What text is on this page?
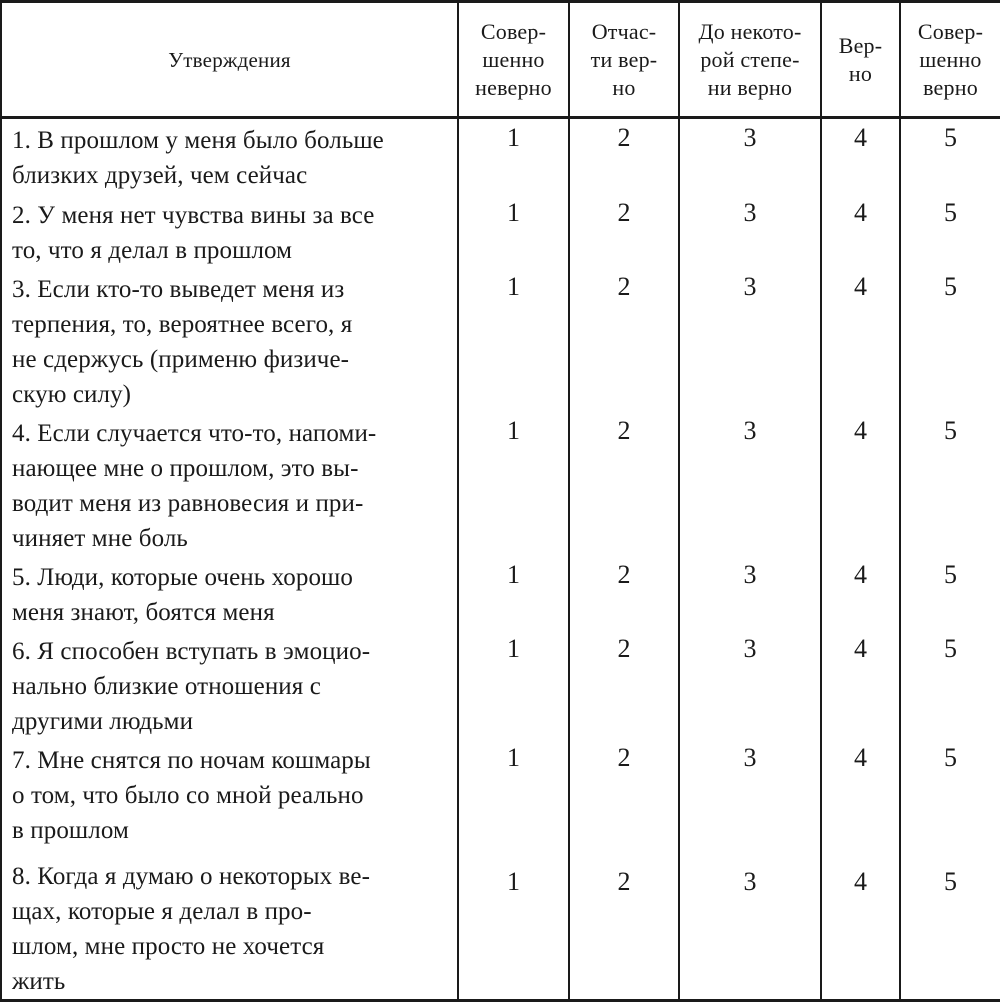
Утверждения	Совер-
шенно
неверно	Отчас-
ти вер-
но	До некото-
рой степе-
ни верно	Вер-
но	Совер-
шенно
верно

1. В прошлом у меня было больше
близких друзей, чем сейчас	1	2	3	4	5

2. У меня нет чувства вины за все
то, что я делал в прошлом	1	2	3	4	5

3. Если кто-то выведет меня из
терпения, то, вероятнее всего, я
не сдержусь (применю физиче-
скую силу)	1	2	3	4	5

4. Если случается что-то, напоми-
нающее мне о прошлом, это вы-
водит меня из равновесия и при-
чиняет мне боль	1	2	3	4	5

5. Люди, которые очень хорошо
меня знают, боятся меня	1	2	3	4	5

6. Я способен вступать в эмоцио-
нально близкие отношения с
другими людьми	1	2	3	4	5

7. Мне снятся по ночам кошмары
о том, что было со мной реально
в прошлом	1	2	3	4	5

8. Когда я думаю о некоторых ве-
щах, которые я делал в про-
шлом, мне просто не хочется
жить	1	2	3	4	5
